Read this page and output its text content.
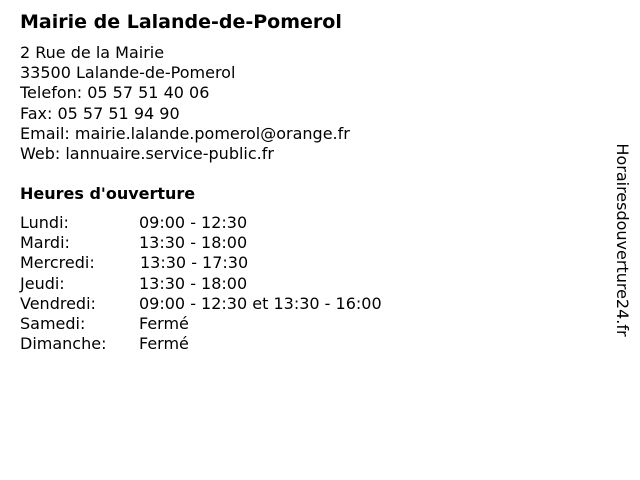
Mairie de Lalande-de-Pomerol
2 Rue de la Mairie
33500 Lalande-de-Pomerol
Telefon: 05 57 51 40 06
Fax: 05 57 51 94 90
Email: mairie.lalande.pomerol@orange.fr
Web: lannuaire.service-public.fr
Heures d'ouverture
Lundi:	09:00 - 12:30
Mardi:	13:30 - 18:00
Mercredi:	13:30 - 17:30
Jeudi:	13:30 - 18:00
Vendredi:	09:00 - 12:30 et 13:30 - 16:00
Samedi:	Fermé
Dimanche: Fermé
Horairesdouverture24.fr
